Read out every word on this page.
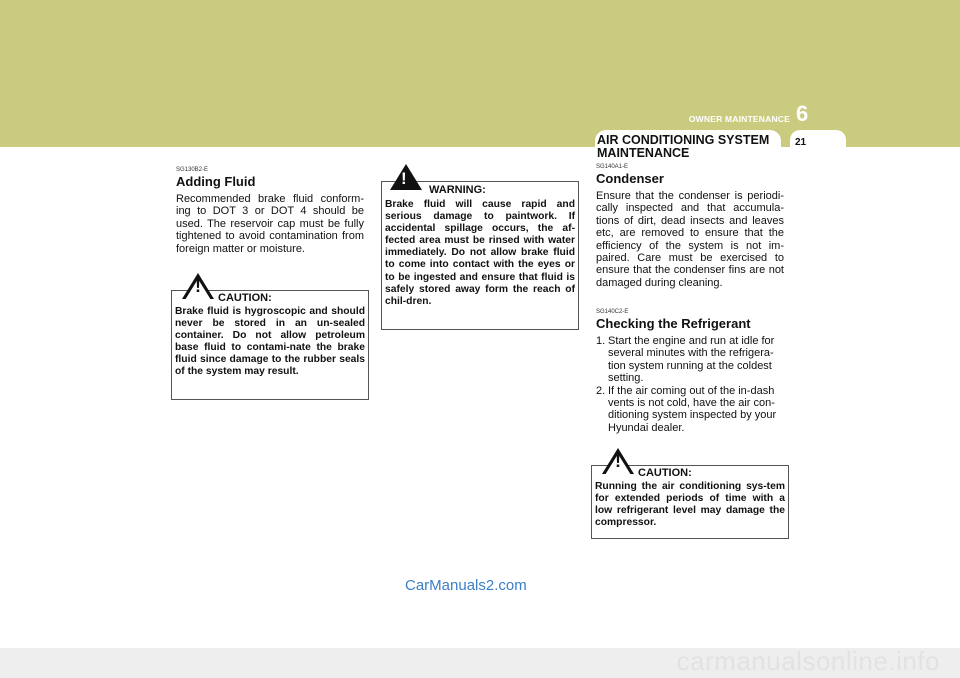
OWNER MAINTENANCE 6
AIR CONDITIONING SYSTEM MAINTENANCE
21
SG130B2-E
Adding Fluid
Recommended brake fluid conform-ing to DOT 3 or DOT 4 should be used. The reservoir cap must be fully tightened to avoid contamination from foreign matter or moisture.
!
CAUTION:
Brake fluid is hygroscopic and should never be stored in an un-sealed container. Do not allow petroleum base fluid to contami-nate the brake fluid since damage to the rubber seals of the system may result.
!
WARNING:
Brake fluid will cause rapid and serious damage to paintwork. If accidental spillage occurs, the af-fected area must be rinsed with water immediately. Do not allow brake fluid to come into contact with the eyes or to be ingested and ensure that fluid is safely stored away form the reach of chil-dren.
SG140A1-E
Condenser
Ensure that the condenser is periodi-cally inspected and that accumula-tions of dirt, dead insects and leaves etc, are removed to ensure that the efficiency of the system is not im-paired. Care must be exercised to ensure that the condenser fins are not damaged during cleaning.
SG140C2-E
Checking the Refrigerant
1. Start the engine and run at idle for several minutes with the refrigera-tion system running at the coldest setting.
2. If the air coming out of the in-dash vents is not cold, have the air con-ditioning system inspected by your Hyundai dealer.
!
CAUTION:
Running the air conditioning sys-tem for extended periods of time with a low refrigerant level may damage the compressor.
CarManuals2.com
carmanualsonline.info
